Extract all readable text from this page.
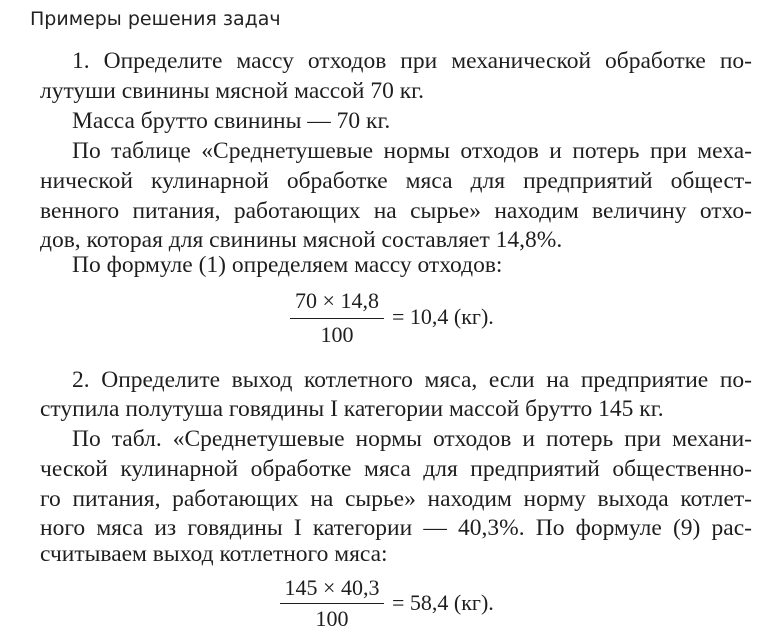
Примеры решения задач
1. Определите массу отходов при механической обработке по-
лутуши свинины мясной массой 70 кг.
Масса брутто свинины — 70 кг.
По таблице «Среднетушевые нормы отходов и потерь при меха-
нической кулинарной обработке мяса для предприятий общест-
венного питания, работающих на сырье» находим величину отхо-
дов, которая для свинины мясной составляет 14,8%.
По формуле (1) определяем массу отходов:
70 × 14,8
100
= 10,4 (кг).
2. Определите выход котлетного мяса, если на предприятие по-
ступила полутуша говядины I категории массой брутто 145 кг.
По табл. «Среднетушевые нормы отходов и потерь при механи-
ческой кулинарной обработке мяса для предприятий общественно-
го питания, работающих на сырье» находим норму выхода котлет-
ного мяса из говядины I категории — 40,3%. По формуле (9) рас-
считываем выход котлетного мяса:
145 × 40,3
100
= 58,4 (кг).
